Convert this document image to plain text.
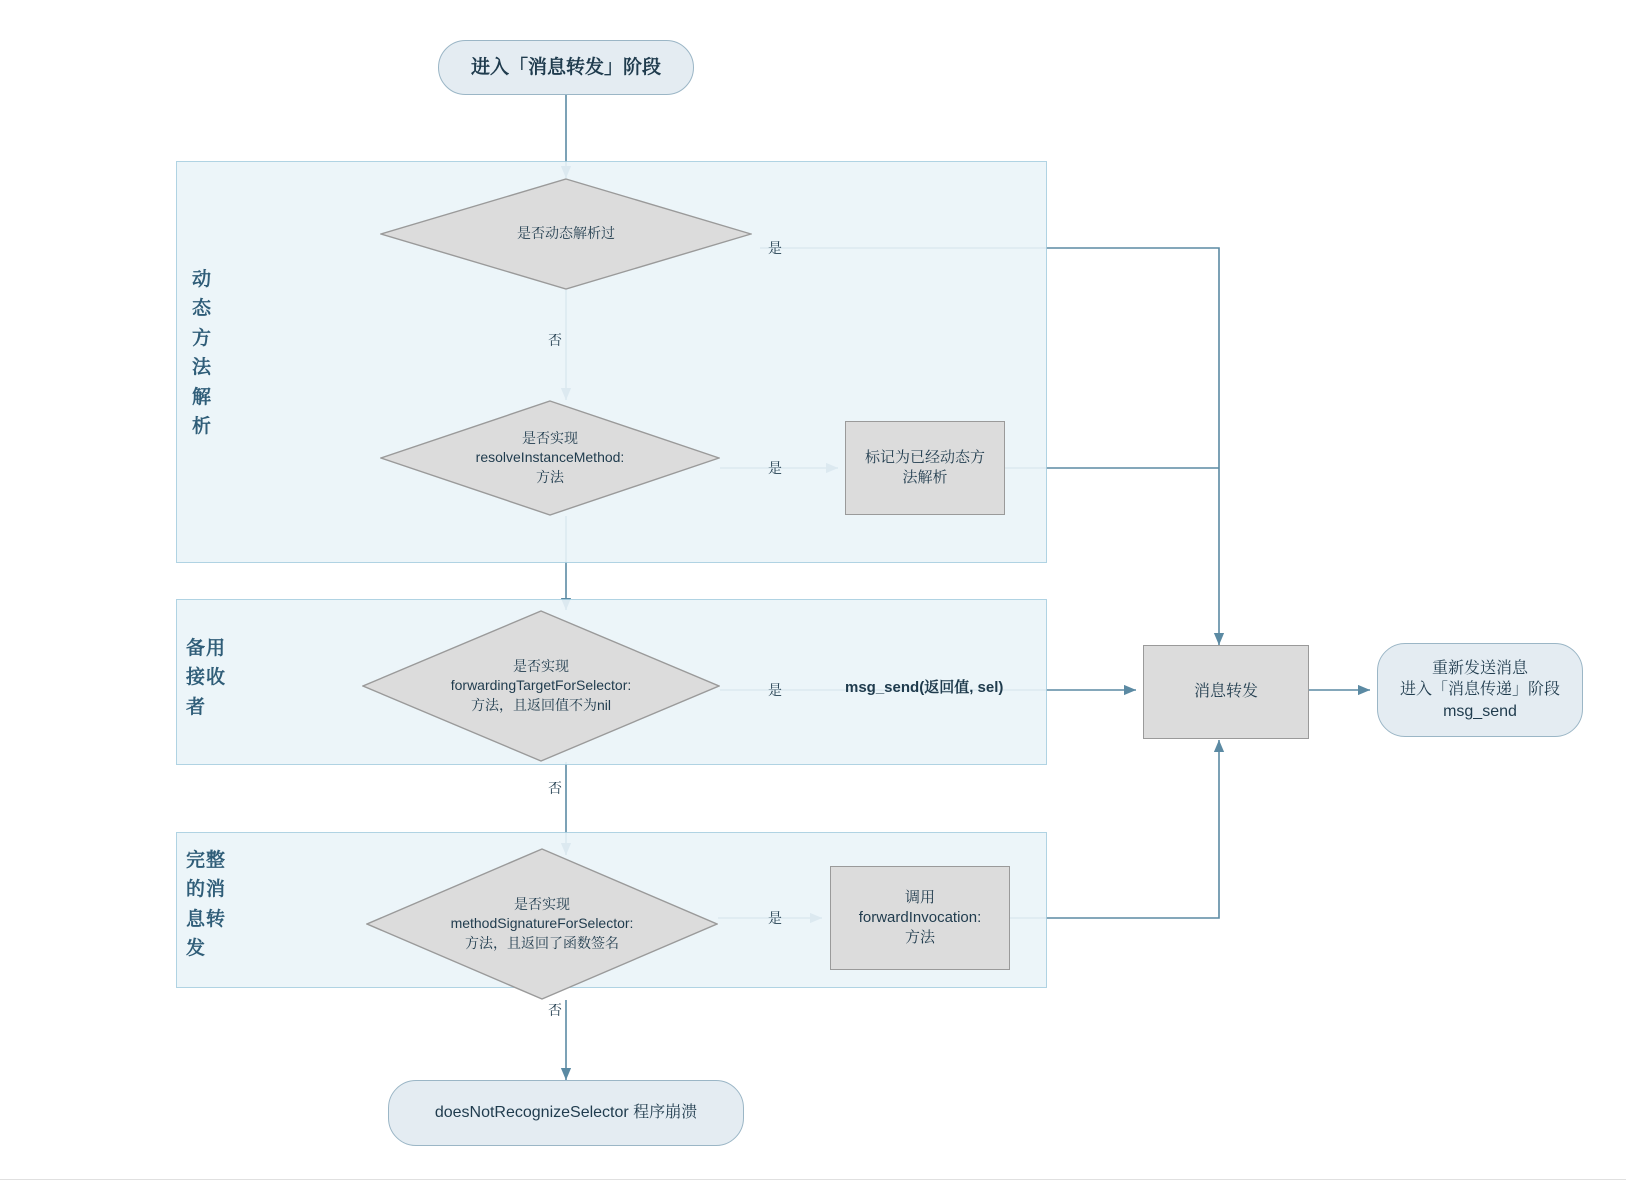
动
态
方
法
解
析
备用
接收
者
完整
的消
息转
发
进入「消息转发」阶段
是否动态解析过
是否实现
resolveInstanceMethod:
方法
标记为已经动态方
法解析
是否实现
forwardingTargetForSelector:
方法，且返回值不为nil
是否实现
methodSignatureForSelector:
方法，且返回了函数签名
调用
forwardInvocation:
方法
消息转发
重新发送消息
进入「消息传递」阶段
msg_send
doesNotRecognizeSelector 程序崩溃
是
否
是
是	msg_send(返回值, sel)
否
是
否
